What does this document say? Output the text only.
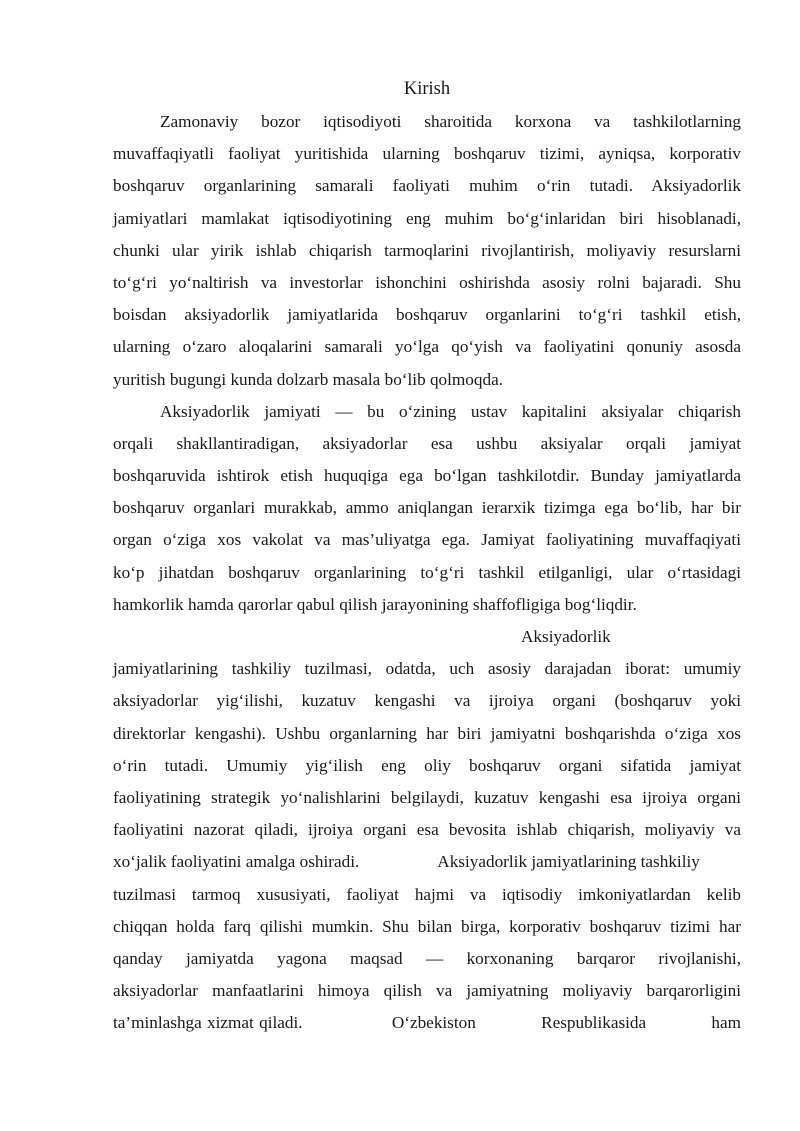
Kirish
Zamonaviy bozor iqtisodiyoti sharoitida korxona va tashkilotlarning
muvaffaqiyatli faoliyat yuritishida ularning boshqaruv tizimi, ayniqsa, korporativ
boshqaruv organlarining samarali faoliyati muhim o‘rin tutadi. Aksiyadorlik
jamiyatlari mamlakat iqtisodiyotining eng muhim bo‘g‘inlaridan biri hisoblanadi,
chunki ular yirik ishlab chiqarish tarmoqlarini rivojlantirish, moliyaviy resurslarni
to‘g‘ri yo‘naltirish va investorlar ishonchini oshirishda asosiy rolni bajaradi. Shu
boisdan aksiyadorlik jamiyatlarida boshqaruv organlarini to‘g‘ri tashkil etish,
ularning o‘zaro aloqalarini samarali yo‘lga qo‘yish va faoliyatini qonuniy asosda
yuritish bugungi kunda dolzarb masala bo‘lib qolmoqda.
Aksiyadorlik jamiyati — bu o‘zining ustav kapitalini aksiyalar chiqarish
orqali shakllantiradigan, aksiyadorlar esa ushbu aksiyalar orqali jamiyat
boshqaruvida ishtirok etish huquqiga ega bo‘lgan tashkilotdir. Bunday jamiyatlarda
boshqaruv organlari murakkab, ammo aniqlangan ierarxik tizimga ega bo‘lib, har bir
organ o‘ziga xos vakolat va mas’uliyatga ega. Jamiyat faoliyatining muvaffaqiyati
ko‘p jihatdan boshqaruv organlarining to‘g‘ri tashkil etilganligi, ular o‘rtasidagi
hamkorlik hamda qarorlar qabul qilish jarayonining shaffofligiga bog‘liqdir.
Aksiyadorlik
jamiyatlarining tashkiliy tuzilmasi, odatda, uch asosiy darajadan iborat: umumiy
aksiyadorlar yig‘ilishi, kuzatuv kengashi va ijroiya organi (boshqaruv yoki
direktorlar kengashi). Ushbu organlarning har biri jamiyatni boshqarishda o‘ziga xos
o‘rin tutadi. Umumiy yig‘ilish eng oliy boshqaruv organi sifatida jamiyat
faoliyatining strategik yo‘nalishlarini belgilaydi, kuzatuv kengashi esa ijroiya organi
faoliyatini nazorat qiladi, ijroiya organi esa bevosita ishlab chiqarish, moliyaviy va
xo‘jalik faoliyatini amalga oshiradi.	Aksiyadorlik jamiyatlarining tashkiliy
tuzilmasi tarmoq xususiyati, faoliyat hajmi va iqtisodiy imkoniyatlardan kelib
chiqqan holda farq qilishi mumkin. Shu bilan birga, korporativ boshqaruv tizimi har
qanday jamiyatda yagona maqsad — korxonaning barqaror rivojlanishi,
aksiyadorlar manfaatlarini himoya qilish va jamiyatning moliyaviy barqarorligini
ta’minlashga xizmat qiladi.	O‘zbekiston Respublikasida ham
